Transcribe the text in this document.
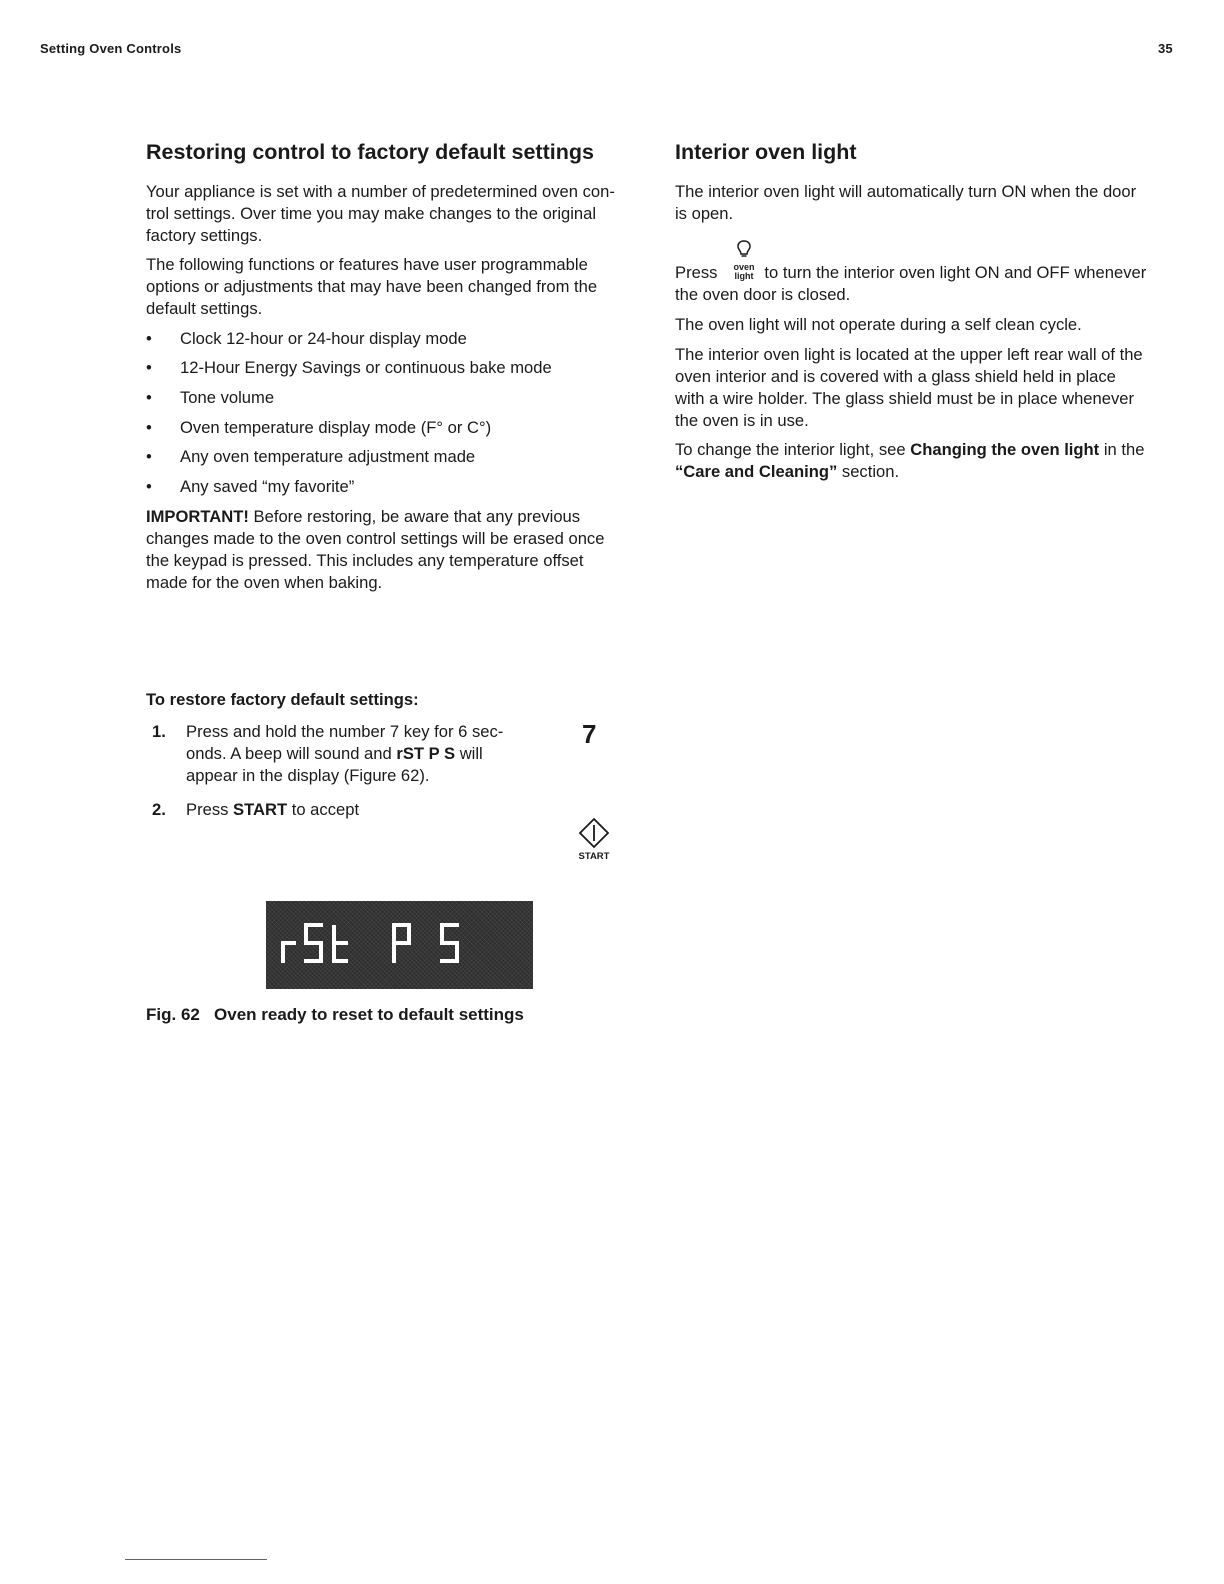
Setting Oven Controls	35
Restoring control to factory default settings
Your appliance is set with a number of predetermined oven con-
trol settings. Over time you may make changes to the original
factory settings.
The following functions or features have user programmable
options or adjustments that may have been changed from the
default settings.
• Clock 12-hour or 24-hour display mode
• 12-Hour Energy Savings or continuous bake mode
• Tone volume
• Oven temperature display mode (F° or C°)
• Any oven temperature adjustment made
• Any saved “my favorite”
IMPORTANT! Before restoring, be aware that any previous
changes made to the oven control settings will be erased once
the keypad is pressed. This includes any temperature offset
made for the oven when baking.
To restore factory default settings:
1. Press and hold the number 7 key for 6 sec-
onds. A beep will sound and rST P S will
appear in the display (Figure 62).
2. Press START to accept
7
START
Fig. 62   Oven ready to reset to default settings
Interior oven light
The interior oven light will automatically turn ON when the door
is open.
oven
light
Press	to turn the interior oven light ON and OFF whenever
the oven door is closed.
The oven light will not operate during a self clean cycle.
The interior oven light is located at the upper left rear wall of the
oven interior and is covered with a glass shield held in place
with a wire holder. The glass shield must be in place whenever
the oven is in use.
To change the interior light, see Changing the oven light in the
“Care and Cleaning” section.
